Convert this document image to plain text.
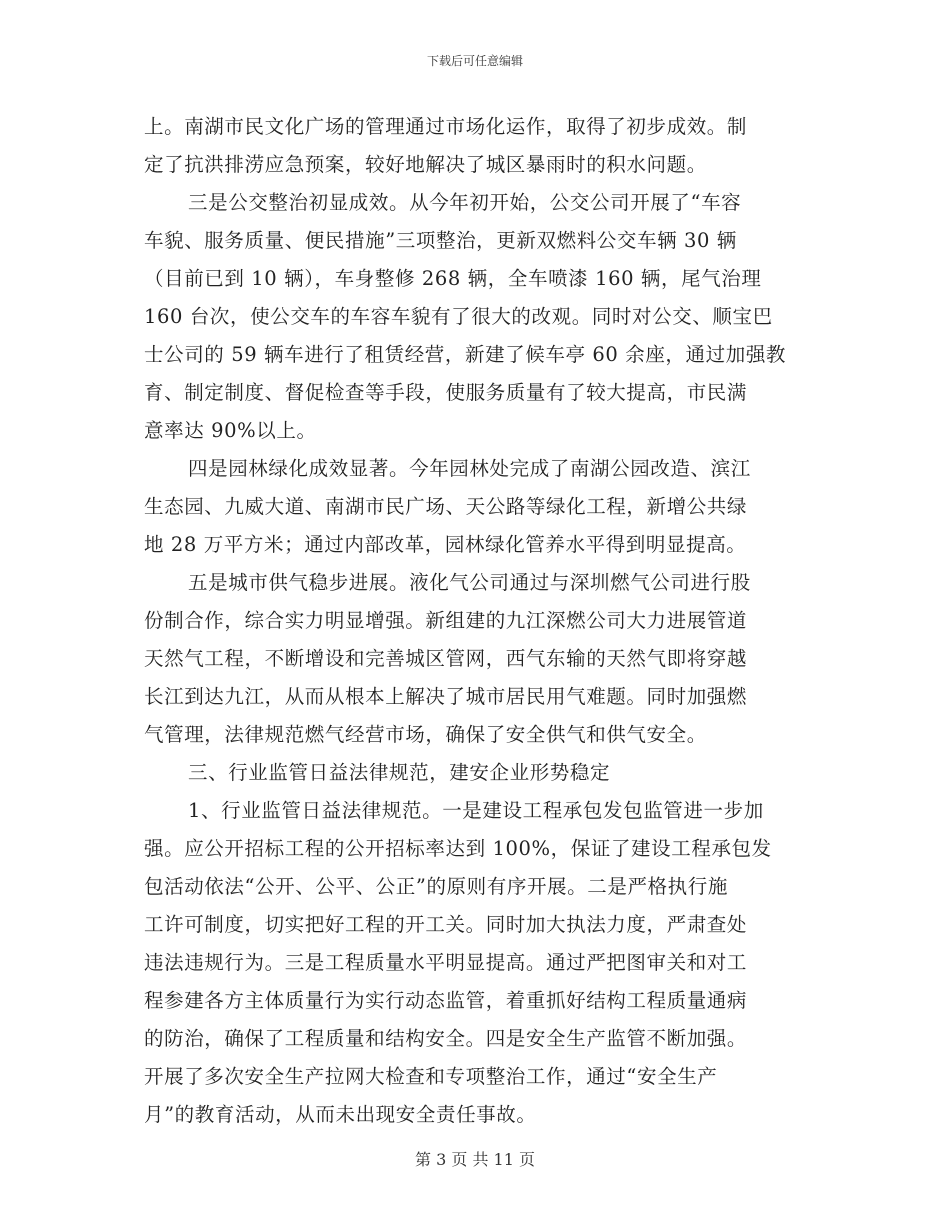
下载后可任意编辑
上。南湖市民文化广场的管理通过市场化运作，取得了初步成效。制
定了抗洪排涝应急预案，较好地解决了城区暴雨时的积水问题。
三是公交整治初显成效。从今年初开始，公交公司开展了“车容
车貌、服务质量、便民措施”三项整治，更新双燃料公交车辆 30 辆
（目前已到 10 辆），车身整修 268 辆，全车喷漆 160 辆，尾气治理
160 台次，使公交车的车容车貌有了很大的改观。同时对公交、顺宝巴
士公司的 59 辆车进行了租赁经营，新建了候车亭 60 余座，通过加强教
育、制定制度、督促检查等手段，使服务质量有了较大提高，市民满
意率达 90%以上。
四是园林绿化成效显著。今年园林处完成了南湖公园改造、滨江
生态园、九威大道、南湖市民广场、天公路等绿化工程，新增公共绿
地 28 万平方米；通过内部改革，园林绿化管养水平得到明显提高。
五是城市供气稳步进展。液化气公司通过与深圳燃气公司进行股
份制合作，综合实力明显增强。新组建的九江深燃公司大力进展管道
天然气工程，不断增设和完善城区管网，西气东输的天然气即将穿越
长江到达九江，从而从根本上解决了城市居民用气难题。同时加强燃
气管理，法律规范燃气经营市场，确保了安全供气和供气安全。
三、行业监管日益法律规范，建安企业形势稳定
1、行业监管日益法律规范。一是建设工程承包发包监管进一步加
强。应公开招标工程的公开招标率达到 100%，保证了建设工程承包发
包活动依法“公开、公平、公正”的原则有序开展。二是严格执行施
工许可制度，切实把好工程的开工关。同时加大执法力度，严肃查处
违法违规行为。三是工程质量水平明显提高。通过严把图审关和对工
程参建各方主体质量行为实行动态监管，着重抓好结构工程质量通病
的防治，确保了工程质量和结构安全。四是安全生产监管不断加强。
开展了多次安全生产拉网大检查和专项整治工作，通过“安全生产
月”的教育活动，从而未出现安全责任事故。
第 3 页 共 11 页
